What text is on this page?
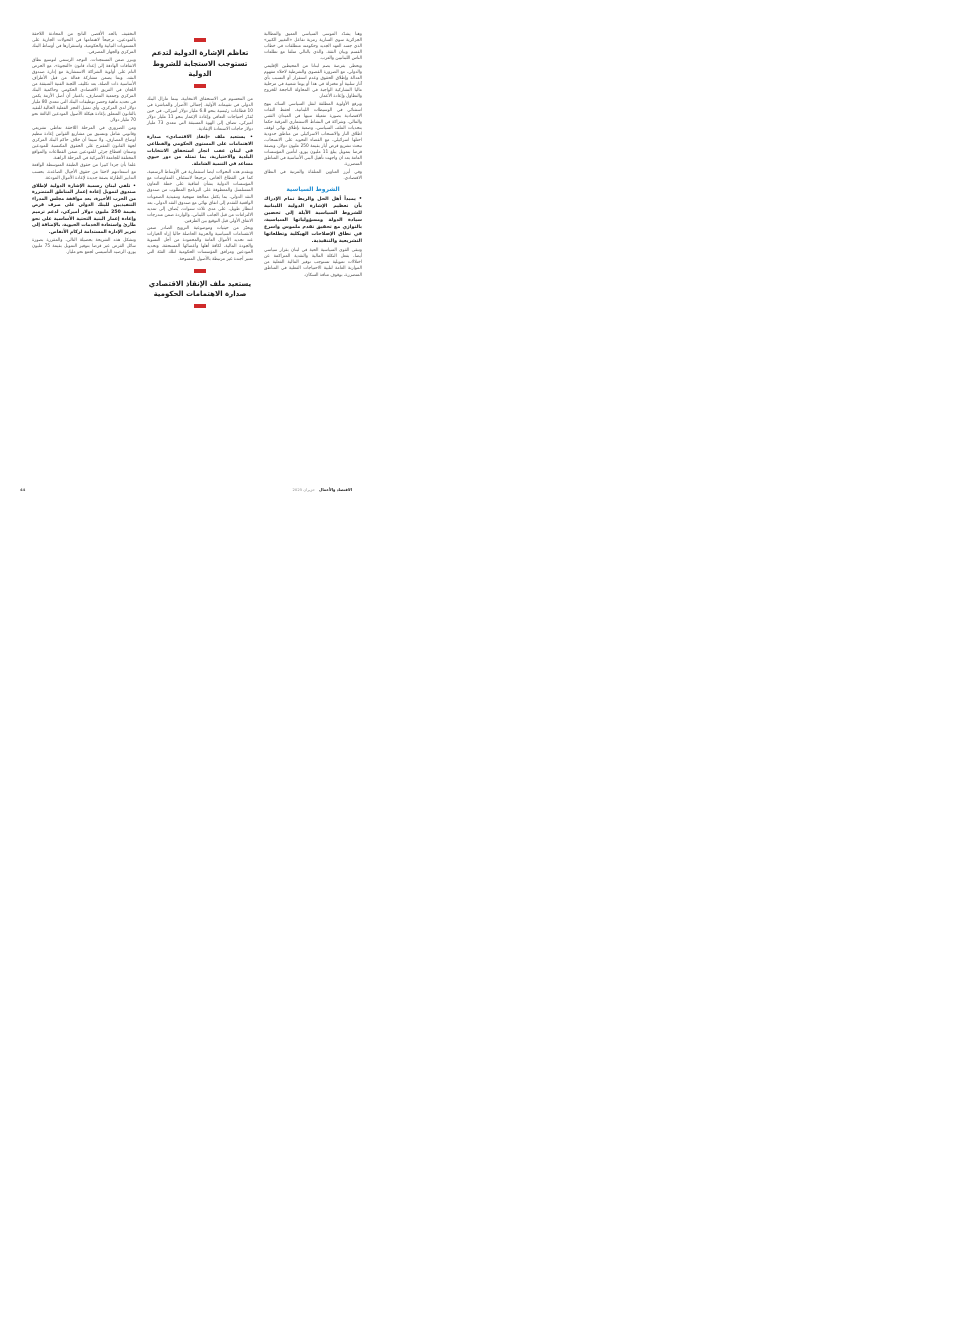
وهنا يشدّد الموسى السياسي العميق والمطالبة الجزائرية سوى السارية رمزية تفاعل «التغيير الكبير» الذي جسد العهد الجديد وحكومته منطلقات في خطاب القسم وبيان الثقة، والذي بالتالي متلفا مع تطلعات الناس اللبنانيين والعرب.

ويحظى بفرصة بصم لبنانا من المحيطين الإقليمي والدولي، مع الضرورة القصوى والشرطية لاحلاء مفهوم العدالة وإطلاق الحقوق وعدم استقرار أو التسبب بأي آثار سلبية أو مختزلة في هذا أو يوما شعبية في مرحلية ماليا التشاركية الواجبة في المحاولة الناجحة للخروج والتطاول وإعادة الأعمار.

ويرفع الأولوية المطلقة لنقل السياسي السائد بنهج استثنائي في الوسيطات اللبنانية، لحفظ الثقات الاقتصادية بصورة تفعيلة تنبيها في الميدان الثقني والمالي، وشراكة في النشاط الاستثماري المرقبة حكما بتحديات الملف السياسي، وصعبة بإطلاق نهائي لوقف اطلاق النار والانسحاب الاسرائيلي من مناطق حدودية احتلها اسرائيلي، مع القضاء التحويد على الانسحاب، تبحث تشريع قرض أيار بقيمة 250 مليون دولار، وبصفة قرضا بتمويل يبلغ 11 مليون يورو، لتأمين المؤسسات العامة بعد ان واجهت تأهيل البنى الأساسية في المناطق المتضررة.

وفي أبرز العناوين المتلقاة والمرتبة في النطاق الاقتصادي.

الشروط السياسية

• يمبدأ أهل الحل والربط تمام الإدراك بأن تعظيم الإشارة الدولية اللبنانية للشروط السياسية الآيلة إلى تحصين سيادة الدولة ومسؤولياتها السياسية، بالتوازي مع تحقيق تقدم ملموس واسرع في نطاق الإصلاحات الهيكلية وتطلعاتها التشريعية والتنفيذية.

وتبقى القوى السياسية الحية في لبنان بقرار سياسي أيضا، بفعل النكلة المالية والنقدية المتراكمة عن اختلالات تمويلية تستوجب توفير المالية الفعلية من الموازنة العامة لتلبية الاحتياجات الفعلية في المناطق المتضررة، بوقوف منافذ السكان.

تعاظم الإشارة الدولية لتدعم تستوجب الاستجابة للشروط الدولية

من المحسوم في الاستحقاق الانتخابية، بينما مازال البنك الدولي في تقييماته الأولية، إجمالي الأضرار والمباشرة في 10 قطاعات رئيسية بنحو 6.8 مليار دولار أميركي، في حين تُقدّر احتياجات التعافي وإعادة الإعمار بنحو 11 مليار دولار أميركي، تضاف إلى الهوة المسبقة التي تتعدى 73 مليار دولار حاجات الاستعادة الإنقاذية.

• يستعيد ملف «إنقاذ الاقتصادي» صدارة الاهتمامات على المستوى الحكومي والقطاعي في لبنان عقب انجاز استحقاق الانتخابات البلدية والاختيارية، بما تمثله من دور حيوي مساعد في التنمية الشاملة.

ويتقدم هذه التحولات ايضا استثمارية في الأوساط الرسمية، كما في القطاع الخاص، ترجيحا لاستئناف المفاوضات مع المؤسسات الدولية بشأن اتفاقية على خطة التعاون المتسلسل والمعطوفة على البرنامج المطلوب من صندوق النقد الدولي، بما يكفل معالجة منهجية وتنفيذية الصعوبات الواقعية للتقدم إلى اتفاق نهائي مع صندوق النقد الدولي، بعد انتظار طويل، على مدى ثلاث سنوات، يُضاف إلى تمديد الالتزامات من قبل الجانب اللبناني، والواردة ضمن مندرجات الاتفاق الأولي قبل التوقيع بين الطرفين.

ويحيّز من حيثيات وموضوعية الترويج الصادر ضمن الانقسامات السياسية والحزبية الحاصلة حاليا إزاء الخيارات عند تحديد الأموال العامة والمحمودة من أجل التسوية والجودة المالية، لكافة أهلها وأعضائها المستحقة، وتحديد المودعين ومرافق المؤسسات الحكومية لتلك الفئة التي تعتبر أجندة غير مرتبطة بالأصول الممنوحة.

يستعيد ملف الإنقاذ الاقتصادي صدارة الاهتمامات الحكومية

التخفيف بالحد الأقصى الناتج من المحادثة اللاحقة بالمودعين، ترجيحاً لاهتمامها في التحولات الجارية على المستويات النيابية والحكومية، واستقرارها في أوساط البنك المركزي والجهاز المصرفي.

ويبرز ضمن المستجدات، التوجه الرسمي لتوسيع نطاق الاتفاقات الهادفة إلى إعداد قانون «الفجوة»، مع الحرص التام على أولوية الشراكة الاستشارية مع إدارة صندوق النقد، وبما يضمن مشاركة فعالة من قبل الأطراف الأساسية ذات الصلة، بعد تكليف اللجنة الفنية المنبثقة من اللجان في الفريق الاقتصادي الحكومي وحاكمية البنك المركزي وجمعية المصارف، باعتبار أن أصل الأزمة يكمن في تحديد ماهية وحصر توظيفات البنك التي تتعدى 80 مليار دولار لدى المركزي، وأي تمثيل العجز الفعلية الحالية للتقيد بالقانون المتعلق بإعادة هيكلة الأصول المودعين البالغة نحو 70 مليار دولار.

ومن الضروري في المرحلة اللاحقة تعاطي تشريعي وقانوني شامل وتنسيق بين مشاريع القوانين إعادة تنظيم أوضاع المصارف، ولا سيما أن خلاف حاكم البنك المركزي لجهة القانون المقترح على الحقوق المكتسبة للمودعين وضمان اقتطاع جزئي للمودعين ضمن القطاعات والمواقع المختلفة للجامعة الأميركية في المرحلة الراهنة.

علما بأن جزءا كبيرا من حقوق الطبقة المتوسطة الواقعة مع استعادتهم لاحقا من حقوق الأجيال الصاعدة، بحسب التدابير الطارئة بصفة جديدة لإعادة الأموال المودعة.

• تلقي لبنان رسمية الإشارة الدولية لإطلاق صندوق لتمويل إعادة إعمار المناطق المتضررة من الحرب الأخيرة، بعد موافقة مجلس المدراء التنفيذيين للبنك الدولي على صرف قرض بقيمة 250 مليون دولار أميركي، لدعم ترميم وإعادة إعمار البنية التحتية الأساسية على نحو طارئ واستعادة الخدمات الحيوية، بالإضافة إلى تعزيز الإدارة المستدامة لركام الأنقاض.

وتشكل هذه الشريحة بحصيلة التالي، والمقررة بصورة سائل القرض عبر قرضا بتوفير التمويل بقيمة 75 مليون يورو، الرصيد التأسيسي لجمع نحو مليار.

44	الاقتصاد والأعمال حزيران 2025
